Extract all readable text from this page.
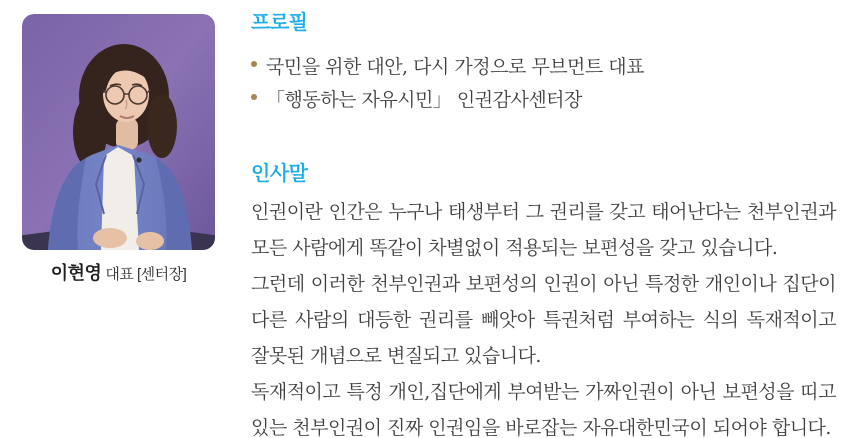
이현영 대표 [센터장]
프로필
국민을 위한 대안, 다시 가정으로 무브먼트 대표
「행동하는 자유시민」 인권감사센터장
인사말

인권이란 인간은 누구나 태생부터 그 권리를 갖고 태어난다는 천부인권과 모든 사람에게 똑같이 차별없이 적용되는 보편성을 갖고 있습니다.

그런데 이러한 천부인권과 보편성의 인권이 아닌 특정한 개인이나 집단이 다른 사람의 대등한 권리를 빼앗아 특권처럼 부여하는 식의 독재적이고 잘못된 개념으로 변질되고 있습니다.

독재적이고 특정 개인,집단에게 부여받는 가짜인권이 아닌 보편성을 띠고 있는 천부인권이 진짜 인권임을 바로잡는 자유대한민국이 되어야 합니다.
